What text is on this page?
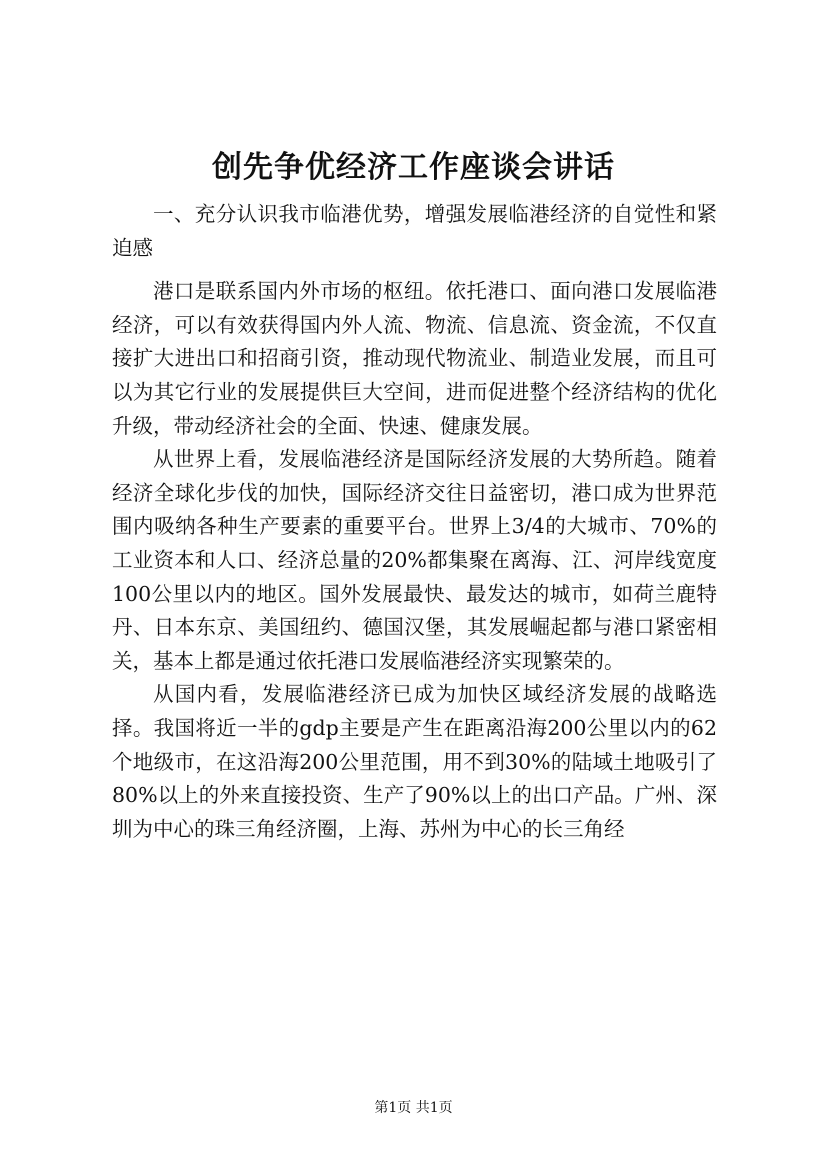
创先争优经济工作座谈会讲话

一、充分认识我市临港优势，增强发展临港经济的自觉性和紧迫感

港口是联系国内外市场的枢纽。依托港口、面向港口发展临港经济，可以有效获得国内外人流、物流、信息流、资金流，不仅直接扩大进出口和招商引资，推动现代物流业、制造业发展，而且可以为其它行业的发展提供巨大空间，进而促进整个经济结构的优化升级，带动经济社会的全面、快速、健康发展。

从世界上看，发展临港经济是国际经济发展的大势所趋。随着经济全球化步伐的加快，国际经济交往日益密切，港口成为世界范围内吸纳各种生产要素的重要平台。世界上3/4的大城市、70%的工业资本和人口、经济总量的20%都集聚在离海、江、河岸线宽度100公里以内的地区。国外发展最快、最发达的城市，如荷兰鹿特丹、日本东京、美国纽约、德国汉堡，其发展崛起都与港口紧密相关，基本上都是通过依托港口发展临港经济实现繁荣的。

从国内看，发展临港经济已成为加快区域经济发展的战略选择。我国将近一半的gdp主要是产生在距离沿海200公里以内的62个地级市，在这沿海200公里范围，用不到30%的陆域土地吸引了80%以上的外来直接投资、生产了90%以上的出口产品。广州、深圳为中心的珠三角经济圈，上海、苏州为中心的长三角经

第1页 共1页
